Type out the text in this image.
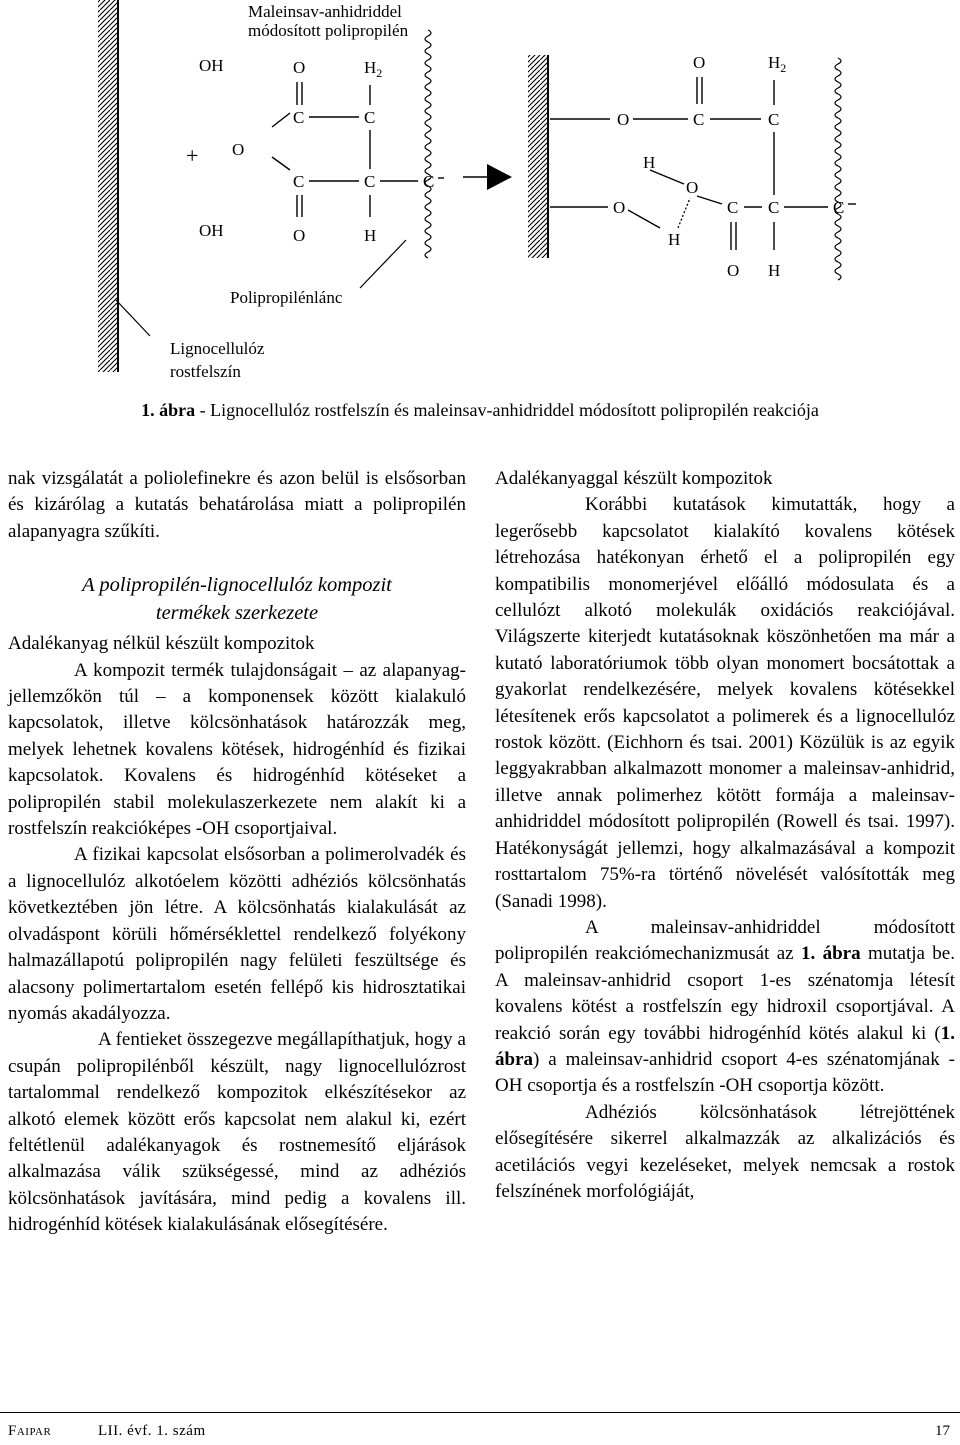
Maleinsav-anhidriddel
módosított polipropilén
OH
+
OH
O
O
C
C
O
$H_2$
C
C
H
C
Polipropilénlánc
Lignocellulóz
rostfelszín
O
O
C
$H_2$
C
H
O
O
H
C C	C
O H
1. ábra - Lignocellulóz rostfelszín és maleinsav-anhidriddel módosított polipropilén reakciója

nak vizsgálatát a poliolefinekre és azon belül is elsősorban és kizárólag a kutatás behatárolása miatt a polipropilén alapanyagra szűkíti.

A polipropilén-lignocellulóz kompozit
termékek szerkezete

Adalékanyag nélkül készült kompozitok

A kompozit termék tulajdonságait – az alapanyag-jellemzőkön túl – a komponensek között kialakuló kapcsolatok, illetve kölcsönhatások határozzák meg, melyek lehetnek kovalens kötések, hidrogénhíd és fizikai kapcsolatok. Kovalens és hidrogénhíd kötéseket a polipropilén stabil molekulaszerkezete nem alakít ki a rostfelszín reakcióképes -OH csoportjaival.

A fizikai kapcsolat elsősorban a polimerolvadék és a lignocellulóz alkotóelem közötti adhéziós kölcsönhatás következtében jön létre. A kölcsönhatás kialakulását az olvadáspont körüli hőmérséklettel rendelkező folyékony halmazállapotú polipropilén nagy felületi feszültsége és alacsony polimertartalom esetén fellépő kis hidrosztatikai nyomás akadályozza.

A fentieket összegezve megállapíthatjuk, hogy a csupán polipropilénből készült, nagy lignocellulózrost tartalommal rendelkező kompozitok elkészítésekor az alkotó elemek között erős kapcsolat nem alakul ki, ezért feltétlenül adalékanyagok és rostnemesítő eljárások alkalmazása válik szükségessé, mind az adhéziós kölcsönhatások javítására, mind pedig a kovalens ill. hidrogénhíd kötések kialakulásának elősegítésére.

Adalékanyaggal készült kompozitok

Korábbi kutatások kimutatták, hogy a legerősebb kapcsolatot kialakító kovalens kötések létrehozása hatékonyan érhető el a polipropilén egy kompatibilis monomerjével előálló módosulata és a cellulózt alkotó molekulák oxidációs reakciójával. Világszerte kiterjedt kutatásoknak köszönhetően ma már a kutató laboratóriumok több olyan monomert bocsátottak a gyakorlat rendelkezésére, melyek kovalens kötésekkel létesítenek erős kapcsolatot a polimerek és a lignocellulóz rostok között. (Eichhorn és tsai. 2001) Közülük is az egyik leggyakrabban alkalmazott monomer a maleinsav-anhidrid, illetve annak polimerhez kötött formája a maleinsav-anhidriddel módosított polipropilén (Rowell és tsai. 1997). Hatékonyságát jellemzi, hogy alkalmazásával a kompozit rosttartalom 75%-ra történő növelését valósították meg (Sanadi 1998).

A maleinsav-anhidriddel módosított polipropilén reakciómechanizmusát az 1. ábra mutatja be. A maleinsav-anhidrid csoport 1-es szénatomja létesít kovalens kötést a rostfelszín egy hidroxil csoportjával. A reakció során egy további hidrogénhíd kötés alakul ki (1. ábra) a maleinsav-anhidrid csoport 4-es szénatomjának -OH csoportja és a rostfelszín -OH csoportja között.

Adhéziós kölcsönhatások létrejöttének elősegítésére sikerrel alkalmazzák az alkalizációs és acetilációs vegyi kezeléseket, melyek nemcsak a rostok felszínének morfológiáját,

Faipar	LII. évf. 1. szám	17
